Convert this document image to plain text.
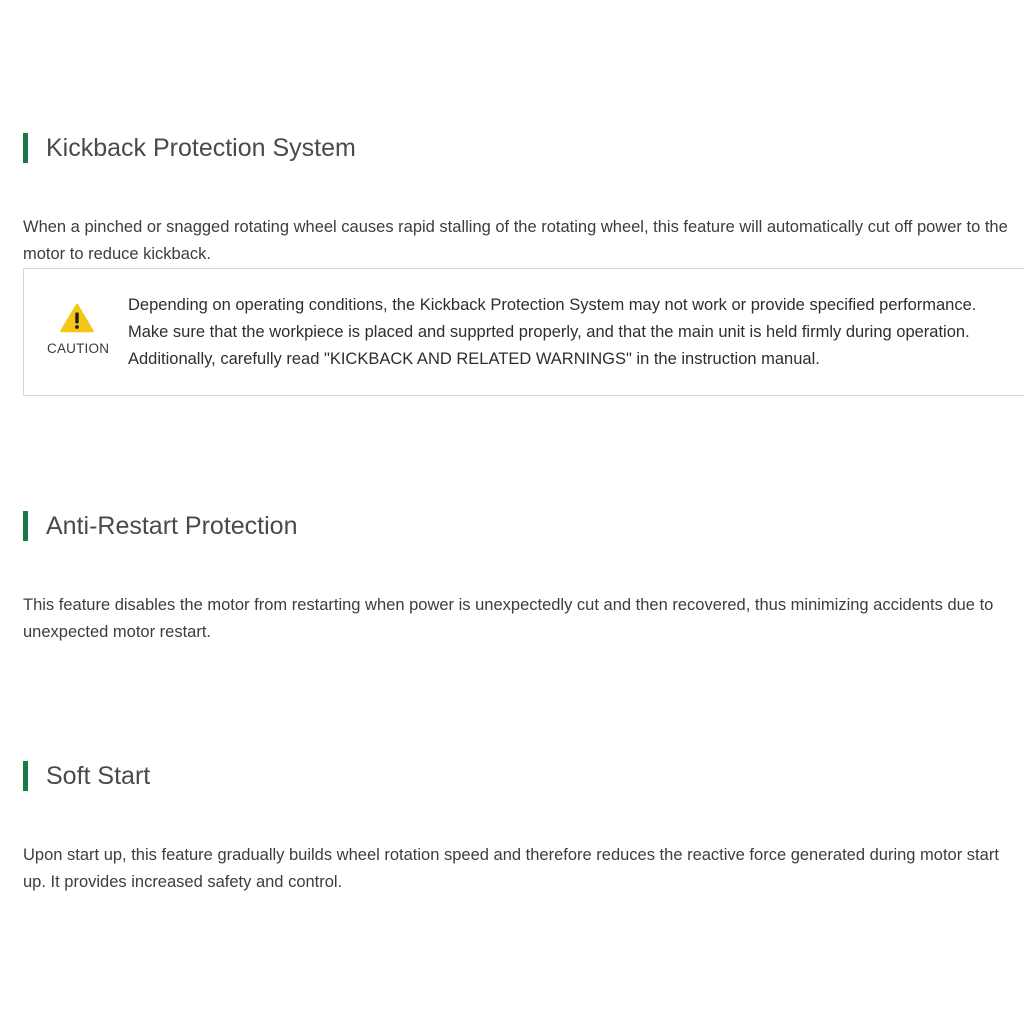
Kickback Protection System

When a pinched or snagged rotating wheel causes rapid stalling of the rotating wheel, this feature will automatically cut off power to the

motor to reduce kickback.

CAUTION
Depending on operating conditions, the Kickback Protection System may not work or provide specified performance.
Make sure that the workpiece is placed and supprted properly, and that the main unit is held firmly during operation.
Additionally, carefully read "KICKBACK AND RELATED WARNINGS" in the instruction manual.
Anti-Restart Protection

This feature disables the motor from restarting when power is unexpectedly cut and then recovered, thus minimizing accidents due to

unexpected motor restart.

Soft Start

Upon start up, this feature gradually builds wheel rotation speed and therefore reduces the reactive force generated during motor start

up. It provides increased safety and control.
